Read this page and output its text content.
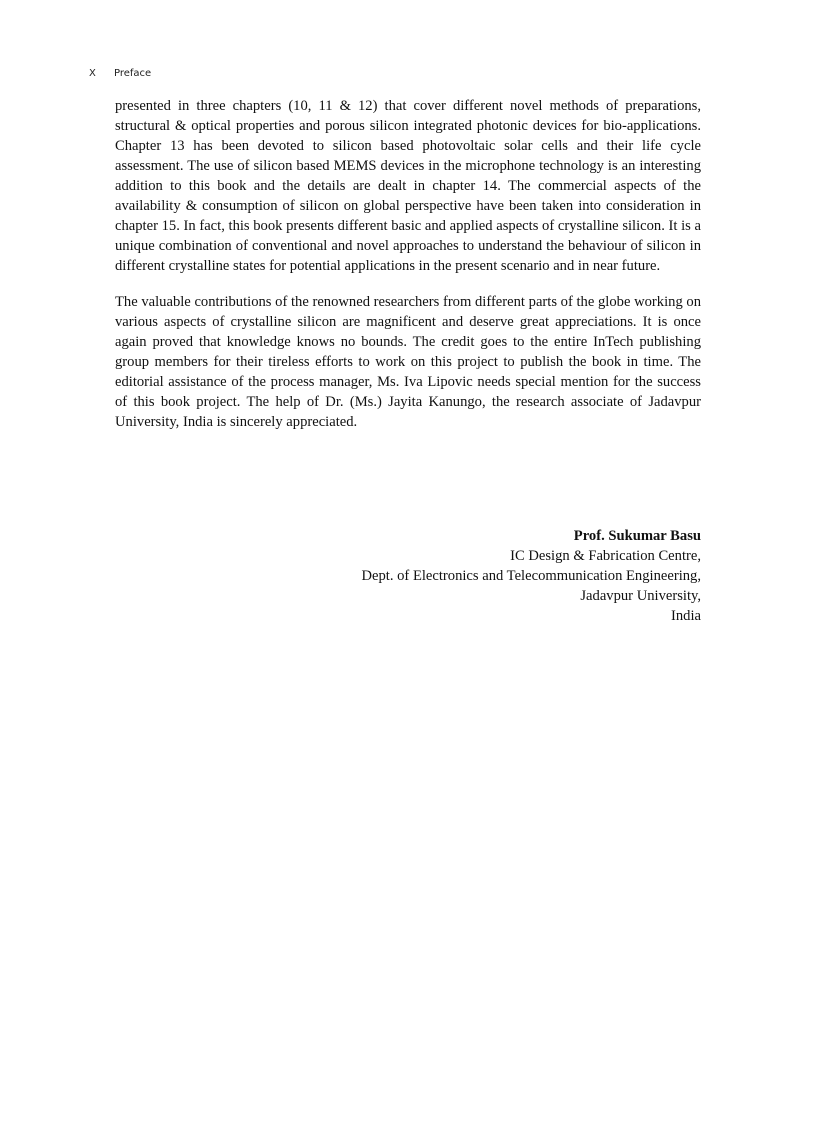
X Preface

presented in three chapters (10, 11 & 12) that cover different novel methods of preparations, structural & optical properties and porous silicon integrated photonic devices for bio-applications. Chapter 13 has been devoted to silicon based photovoltaic solar cells and their life cycle assessment. The use of silicon based MEMS devices in the microphone technology is an interesting addition to this book and the details are dealt in chapter 14. The commercial aspects of the availability & consumption of silicon on global perspective have been taken into consideration in chapter 15. In fact, this book presents different basic and applied aspects of crystalline silicon. It is a unique combination of conventional and novel approaches to understand the behaviour of silicon in different crystalline states for potential applications in the present scenario and in near future.

The valuable contributions of the renowned researchers from different parts of the globe working on various aspects of crystalline silicon are magnificent and deserve great appreciations. It is once again proved that knowledge knows no bounds. The credit goes to the entire InTech publishing group members for their tireless efforts to work on this project to publish the book in time. The editorial assistance of the process manager, Ms. Iva Lipovic needs special mention for the success of this book project. The help of Dr. (Ms.) Jayita Kanungo, the research associate of Jadavpur University, India is sincerely appreciated.

Prof. Sukumar Basu
IC Design & Fabrication Centre,
Dept. of Electronics and Telecommunication Engineering,
Jadavpur University,
India
